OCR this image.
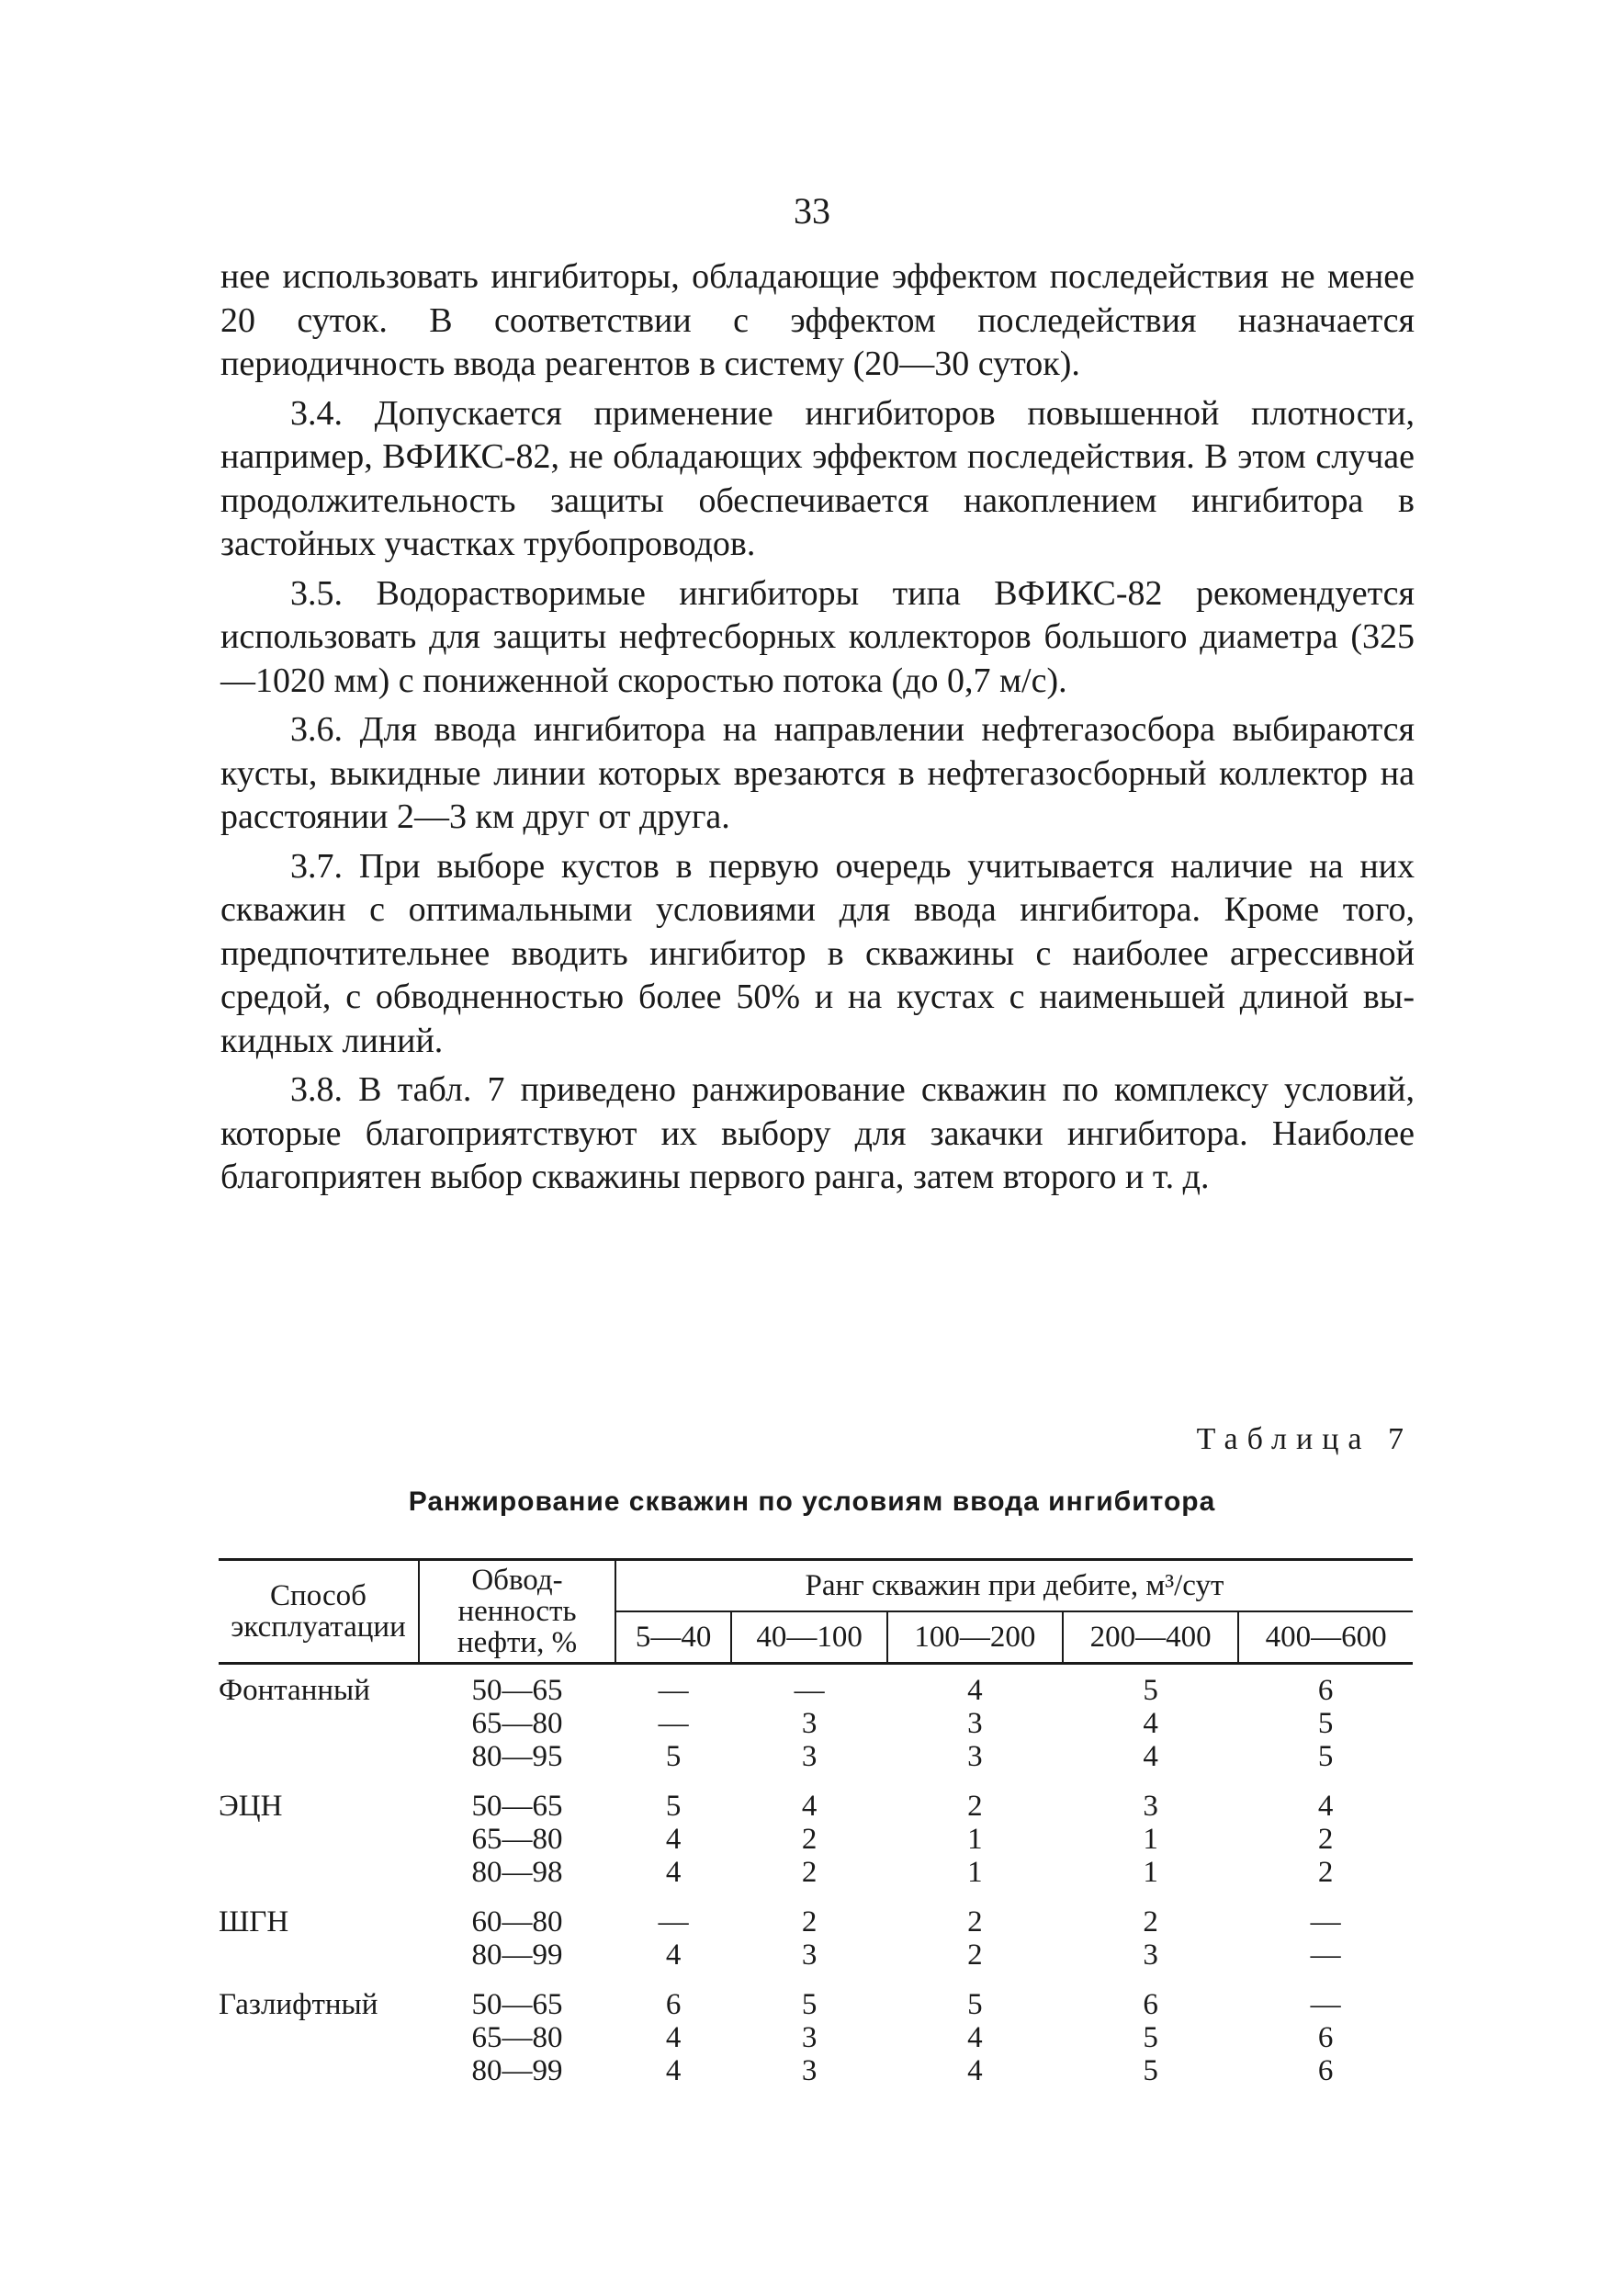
33

нее использовать ингибиторы, обладающие эффектом последействия не менее 20 суток. В соответствии с эффектом последействия назначается периодичность ввода реагентов в систему (20—30 суток).

3.4. Допускается применение ингибиторов повышенной плотности, например, ВФИКС-82, не обладающих эффектом последействия. В этом случае продолжительность защиты обеспечивается накоплением ингибитора в застойных участках трубопроводов.

3.5. Водорастворимые ингибиторы типа ВФИКС-82 рекомендуется использовать для защиты нефтесборных коллекторов большого диаметра (325—1020 мм) с пониженной скоростью потока (до 0,7 м/с).

3.6. Для ввода ингибитора на направлении нефтегазосбора выбираются кусты, выкидные линии которых врезаются в нефтегазосборный коллектор на расстоянии 2—3 км друг от друга.

3.7. При выборе кустов в первую очередь учитывается наличие на них скважин с оптимальными условиями для ввода ингибитора. Кроме того, предпочтительнее вводить ингибитор в скважины с наиболее агрессивной средой, с обводненностью более 50% и на кустах с наименьшей длиной выкидных линий.

3.8. В табл. 7 приведено ранжирование скважин по комплексу условий, которые благоприятствуют их выбору для закачки ингибитора. Наиболее благоприятен выбор скважины первого ранга, затем второго и т. д.

Таблица 7
Ранжирование скважин по условиям ввода ингибитора
Способ эксплуатации	Обводненность нефти, %	Ранг скважин при дебите, м³/сут				
		5—40	40—100	100—200	200—400	400—600
Фонтанный	50—65	—	—	4	5	6
	65—80	—	3	3	4	5
	80—95	5	3	3	4	5
ЭЦН	50—65	5	4	2	3	4
	65—80	4	2	1	1	2
	80—98	4	2	1	1	2
ШГН	60—80	—	2	2	2	—
	80—99	4	3	2	3	—
Газлифтный	50—65	6	5	5	6	—
	65—80	4	3	4	5	6
	80—99	4	3	4	5	6
